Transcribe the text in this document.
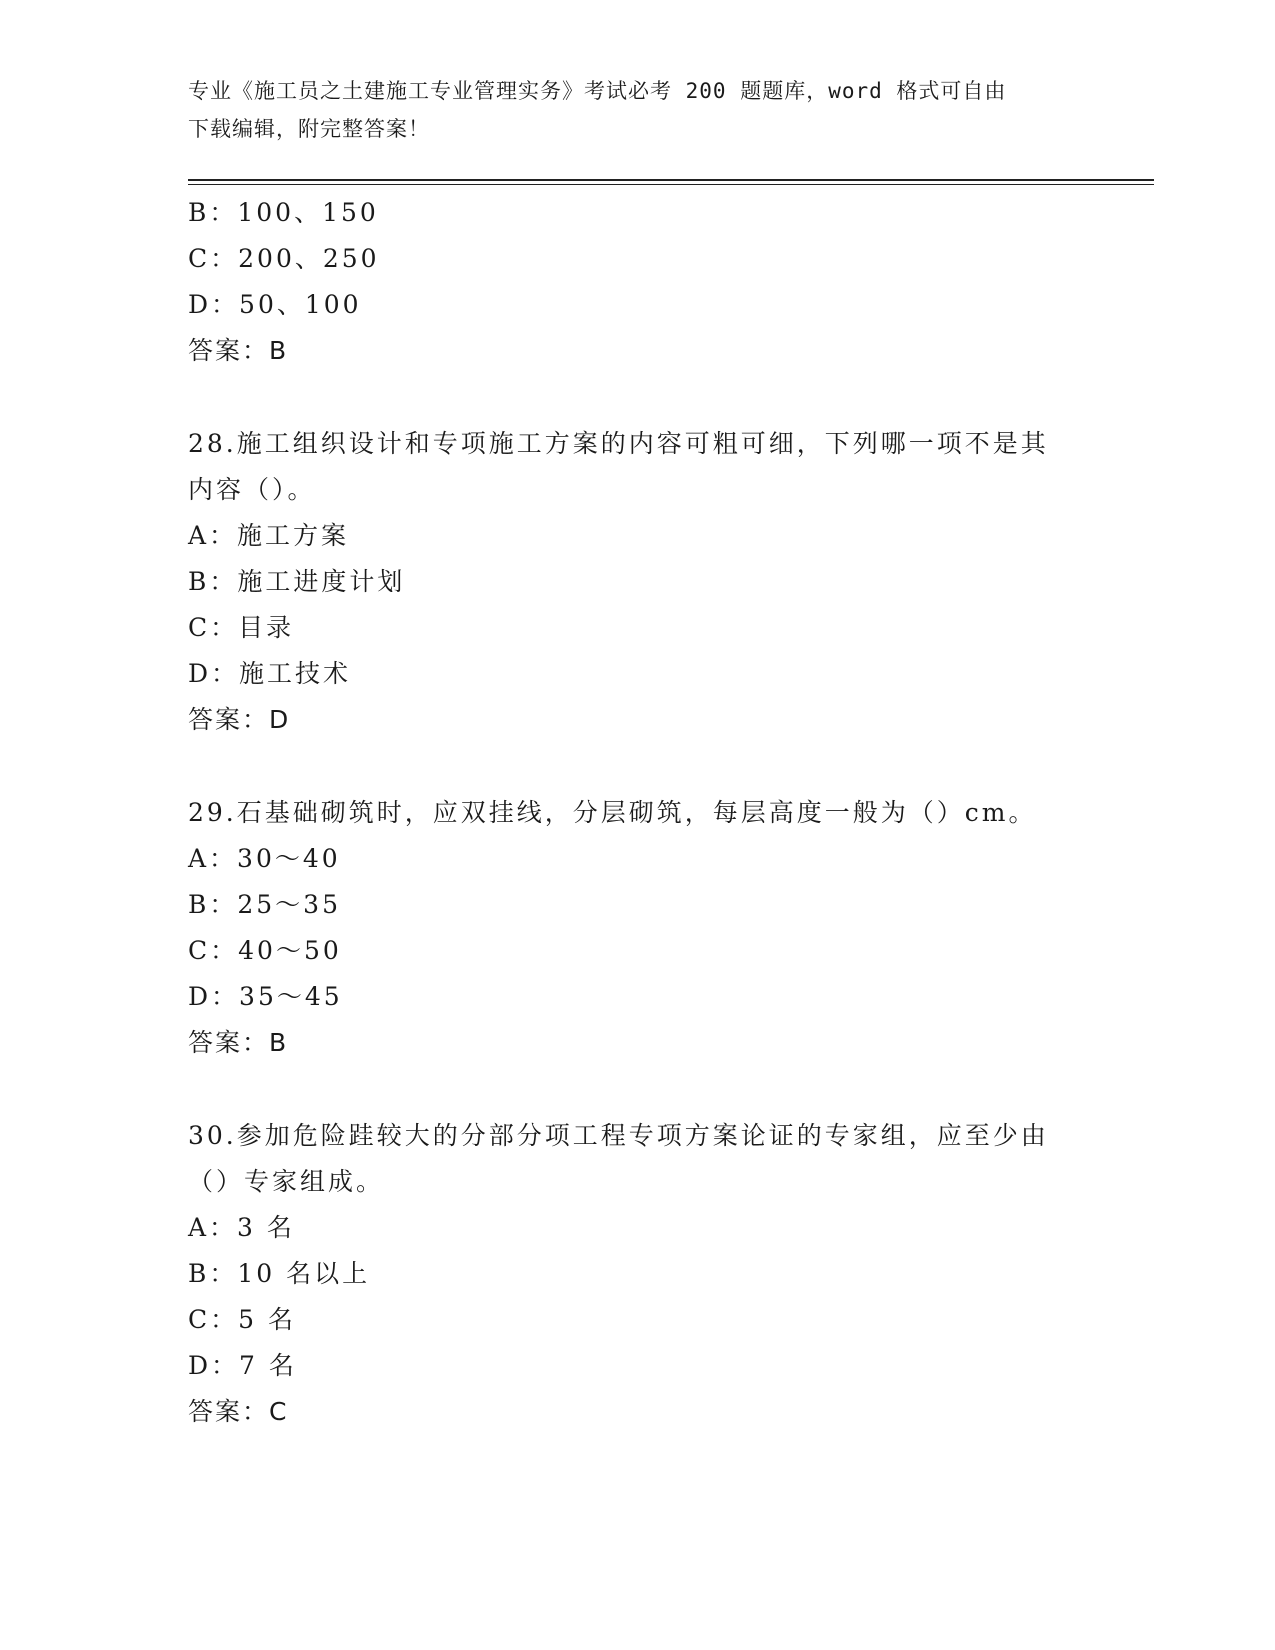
专业《施工员之土建施工专业管理实务》考试必考 200 题题库，word 格式可自由
下载编辑，附完整答案！
B：100、150
C：200、250
D：50、100
答案：B
28.施工组织设计和专项施工方案的内容可粗可细，下列哪一项不是其
内容（）。
A：施工方案
B：施工进度计划
C：目录
D：施工技术
答案：D
29.石基础砌筑时，应双挂线，分层砌筑，每层高度一般为（）cm。
A：30～40
B：25～35
C：40～50
D：35～45
答案：B
30.参加危险跬较大的分部分项工程专项方案论证的专家组，应至少由
（）专家组成。
A：3 名
B：10 名以上
C：5 名
D：7 名
答案：C
